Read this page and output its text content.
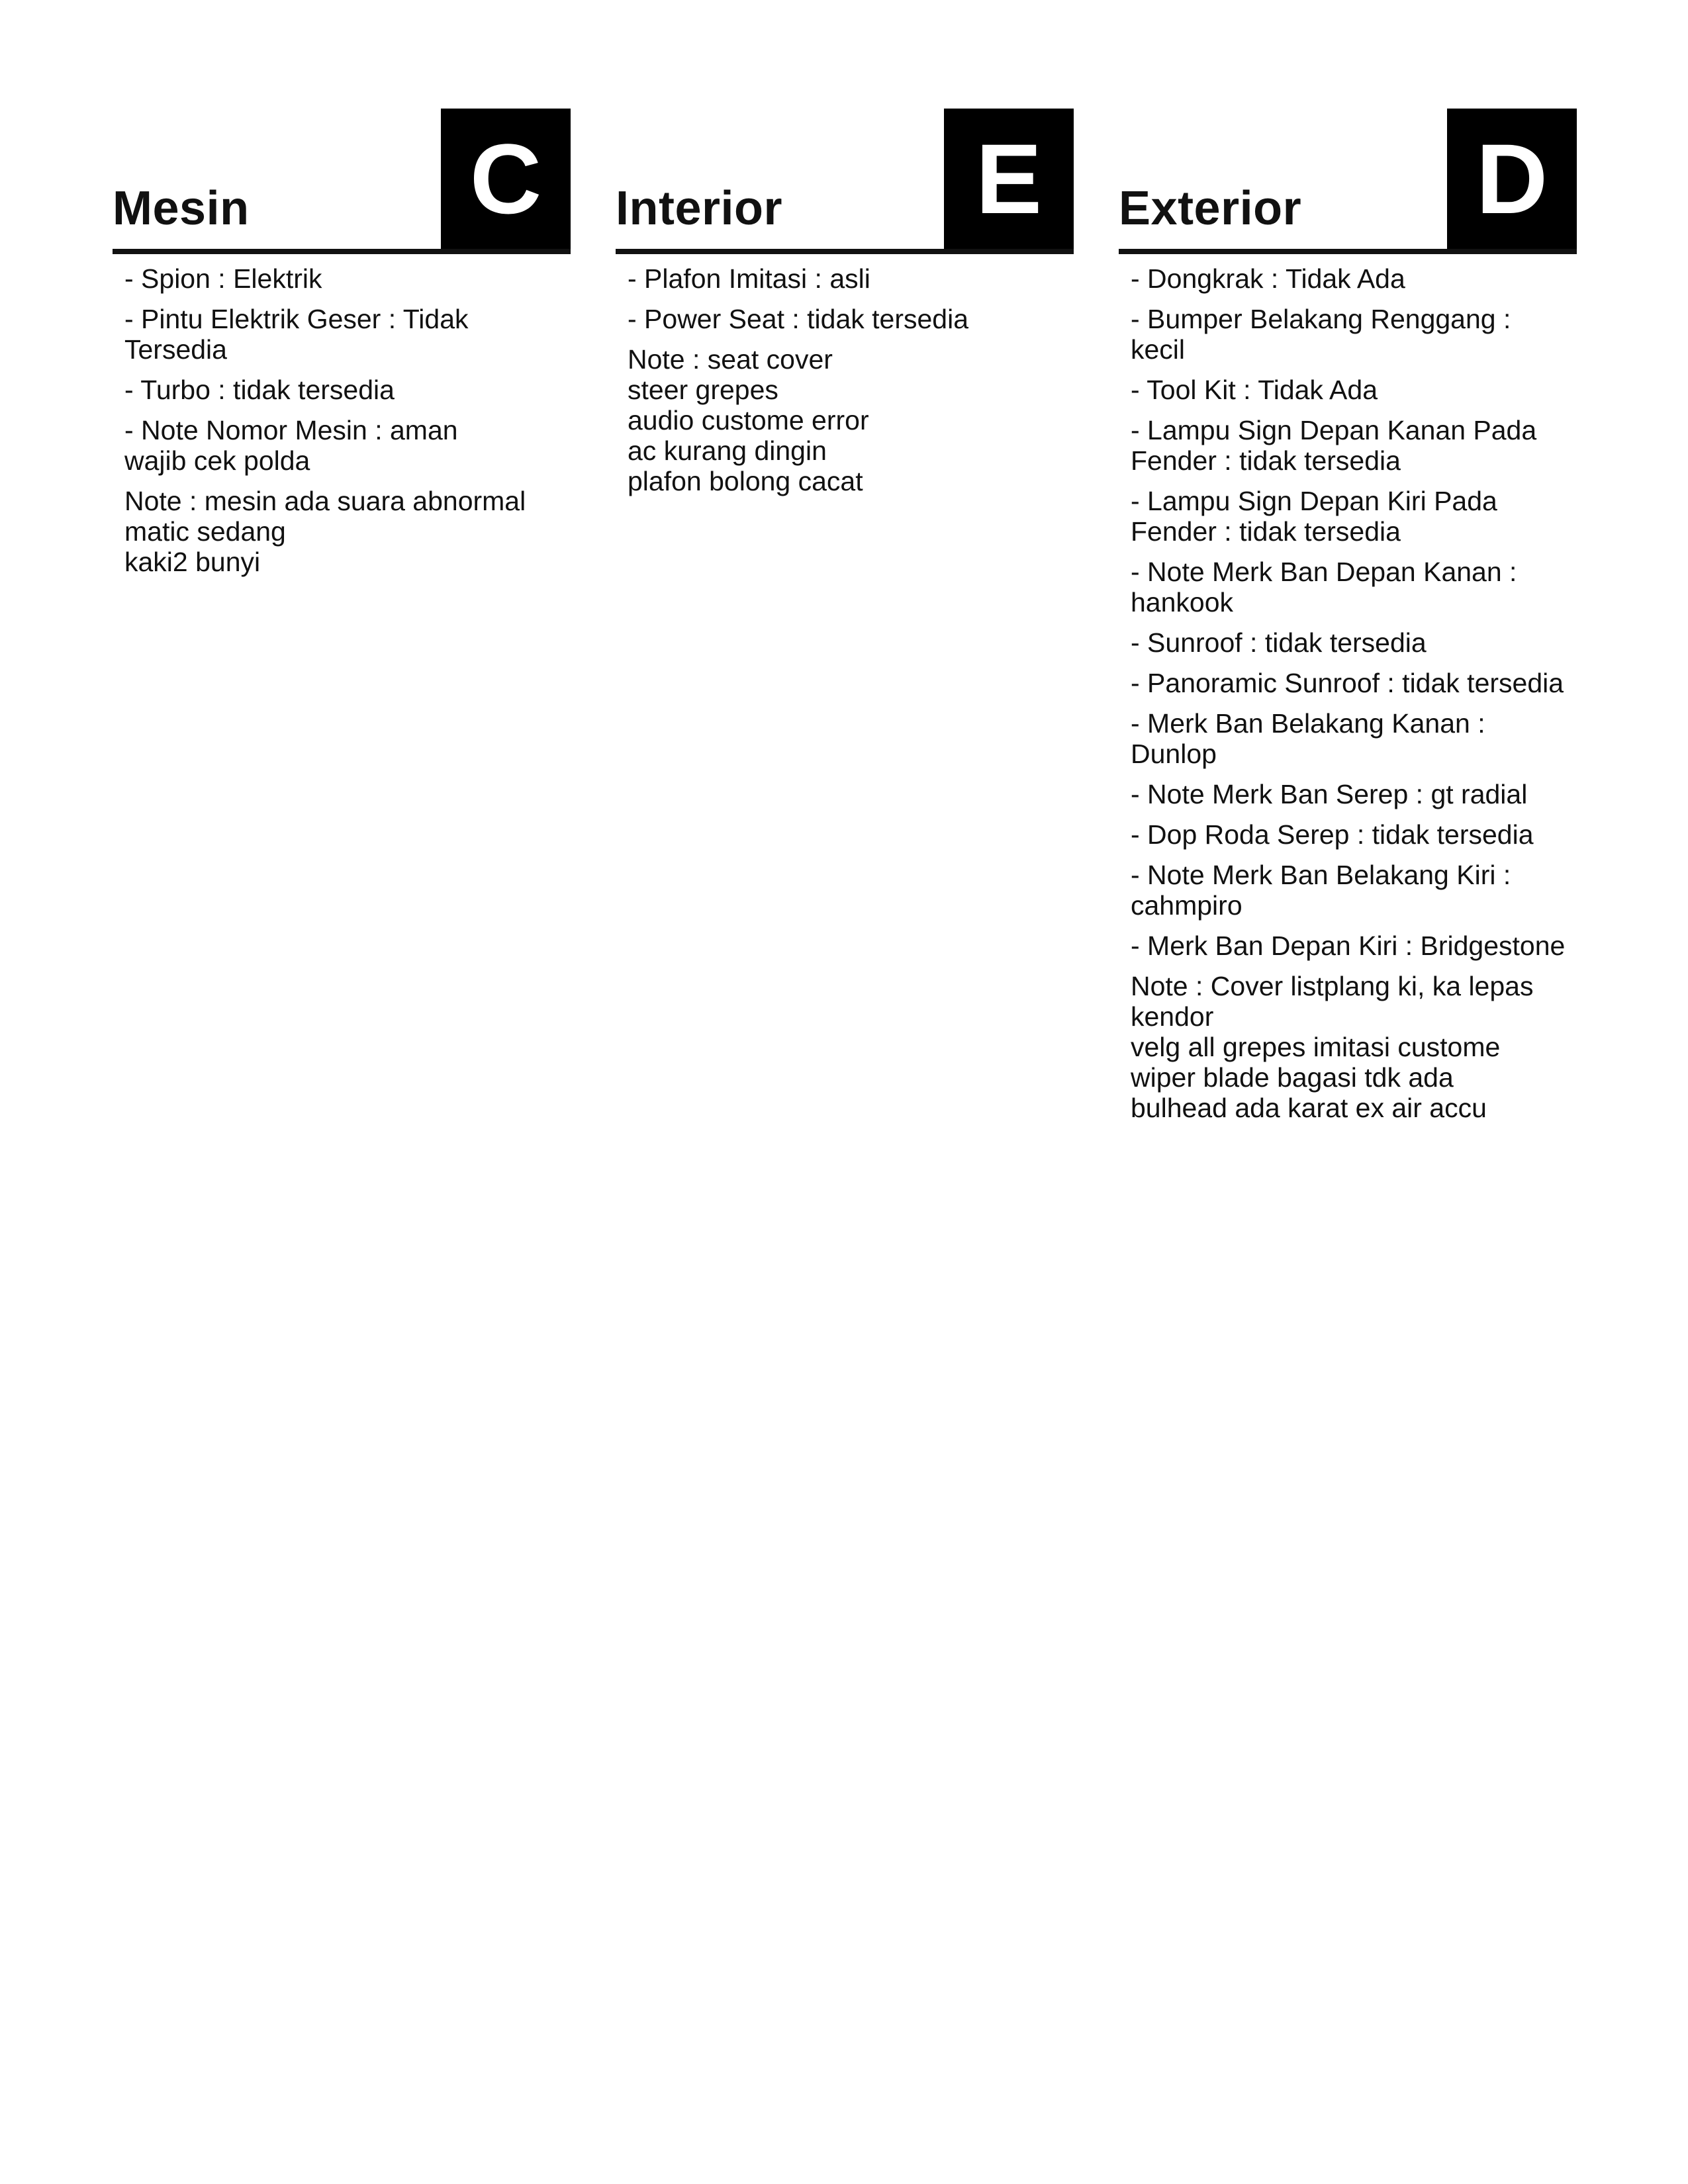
Mesin C
- Spion : Elektrik
- Pintu Elektrik Geser : Tidak Tersedia
- Turbo : tidak tersedia
- Note Nomor Mesin : aman
wajib cek polda
Note : mesin ada suara abnormal
matic sedang
kaki2 bunyi
Interior	E
- Plafon Imitasi : asli
- Power Seat : tidak tersedia
Note : seat cover
steer grepes
audio custome error
ac kurang dingin
plafon bolong cacat
Exterior D
- Dongkrak : Tidak Ada
- Bumper Belakang Renggang : kecil
- Tool Kit : Tidak Ada
- Lampu Sign Depan Kanan Pada Fender : tidak tersedia
- Lampu Sign Depan Kiri Pada Fender : tidak tersedia
- Note Merk Ban Depan Kanan : hankook
- Sunroof : tidak tersedia
- Panoramic Sunroof : tidak tersedia
- Merk Ban Belakang Kanan : Dunlop
- Note Merk Ban Serep : gt radial
- Dop Roda Serep : tidak tersedia
- Note Merk Ban Belakang Kiri : cahmpiro
- Merk Ban Depan Kiri : Bridgestone
Note : Cover listplang ki, ka lepas kendor
velg all grepes imitasi custome
wiper blade bagasi tdk ada
bulhead ada karat ex air accu
